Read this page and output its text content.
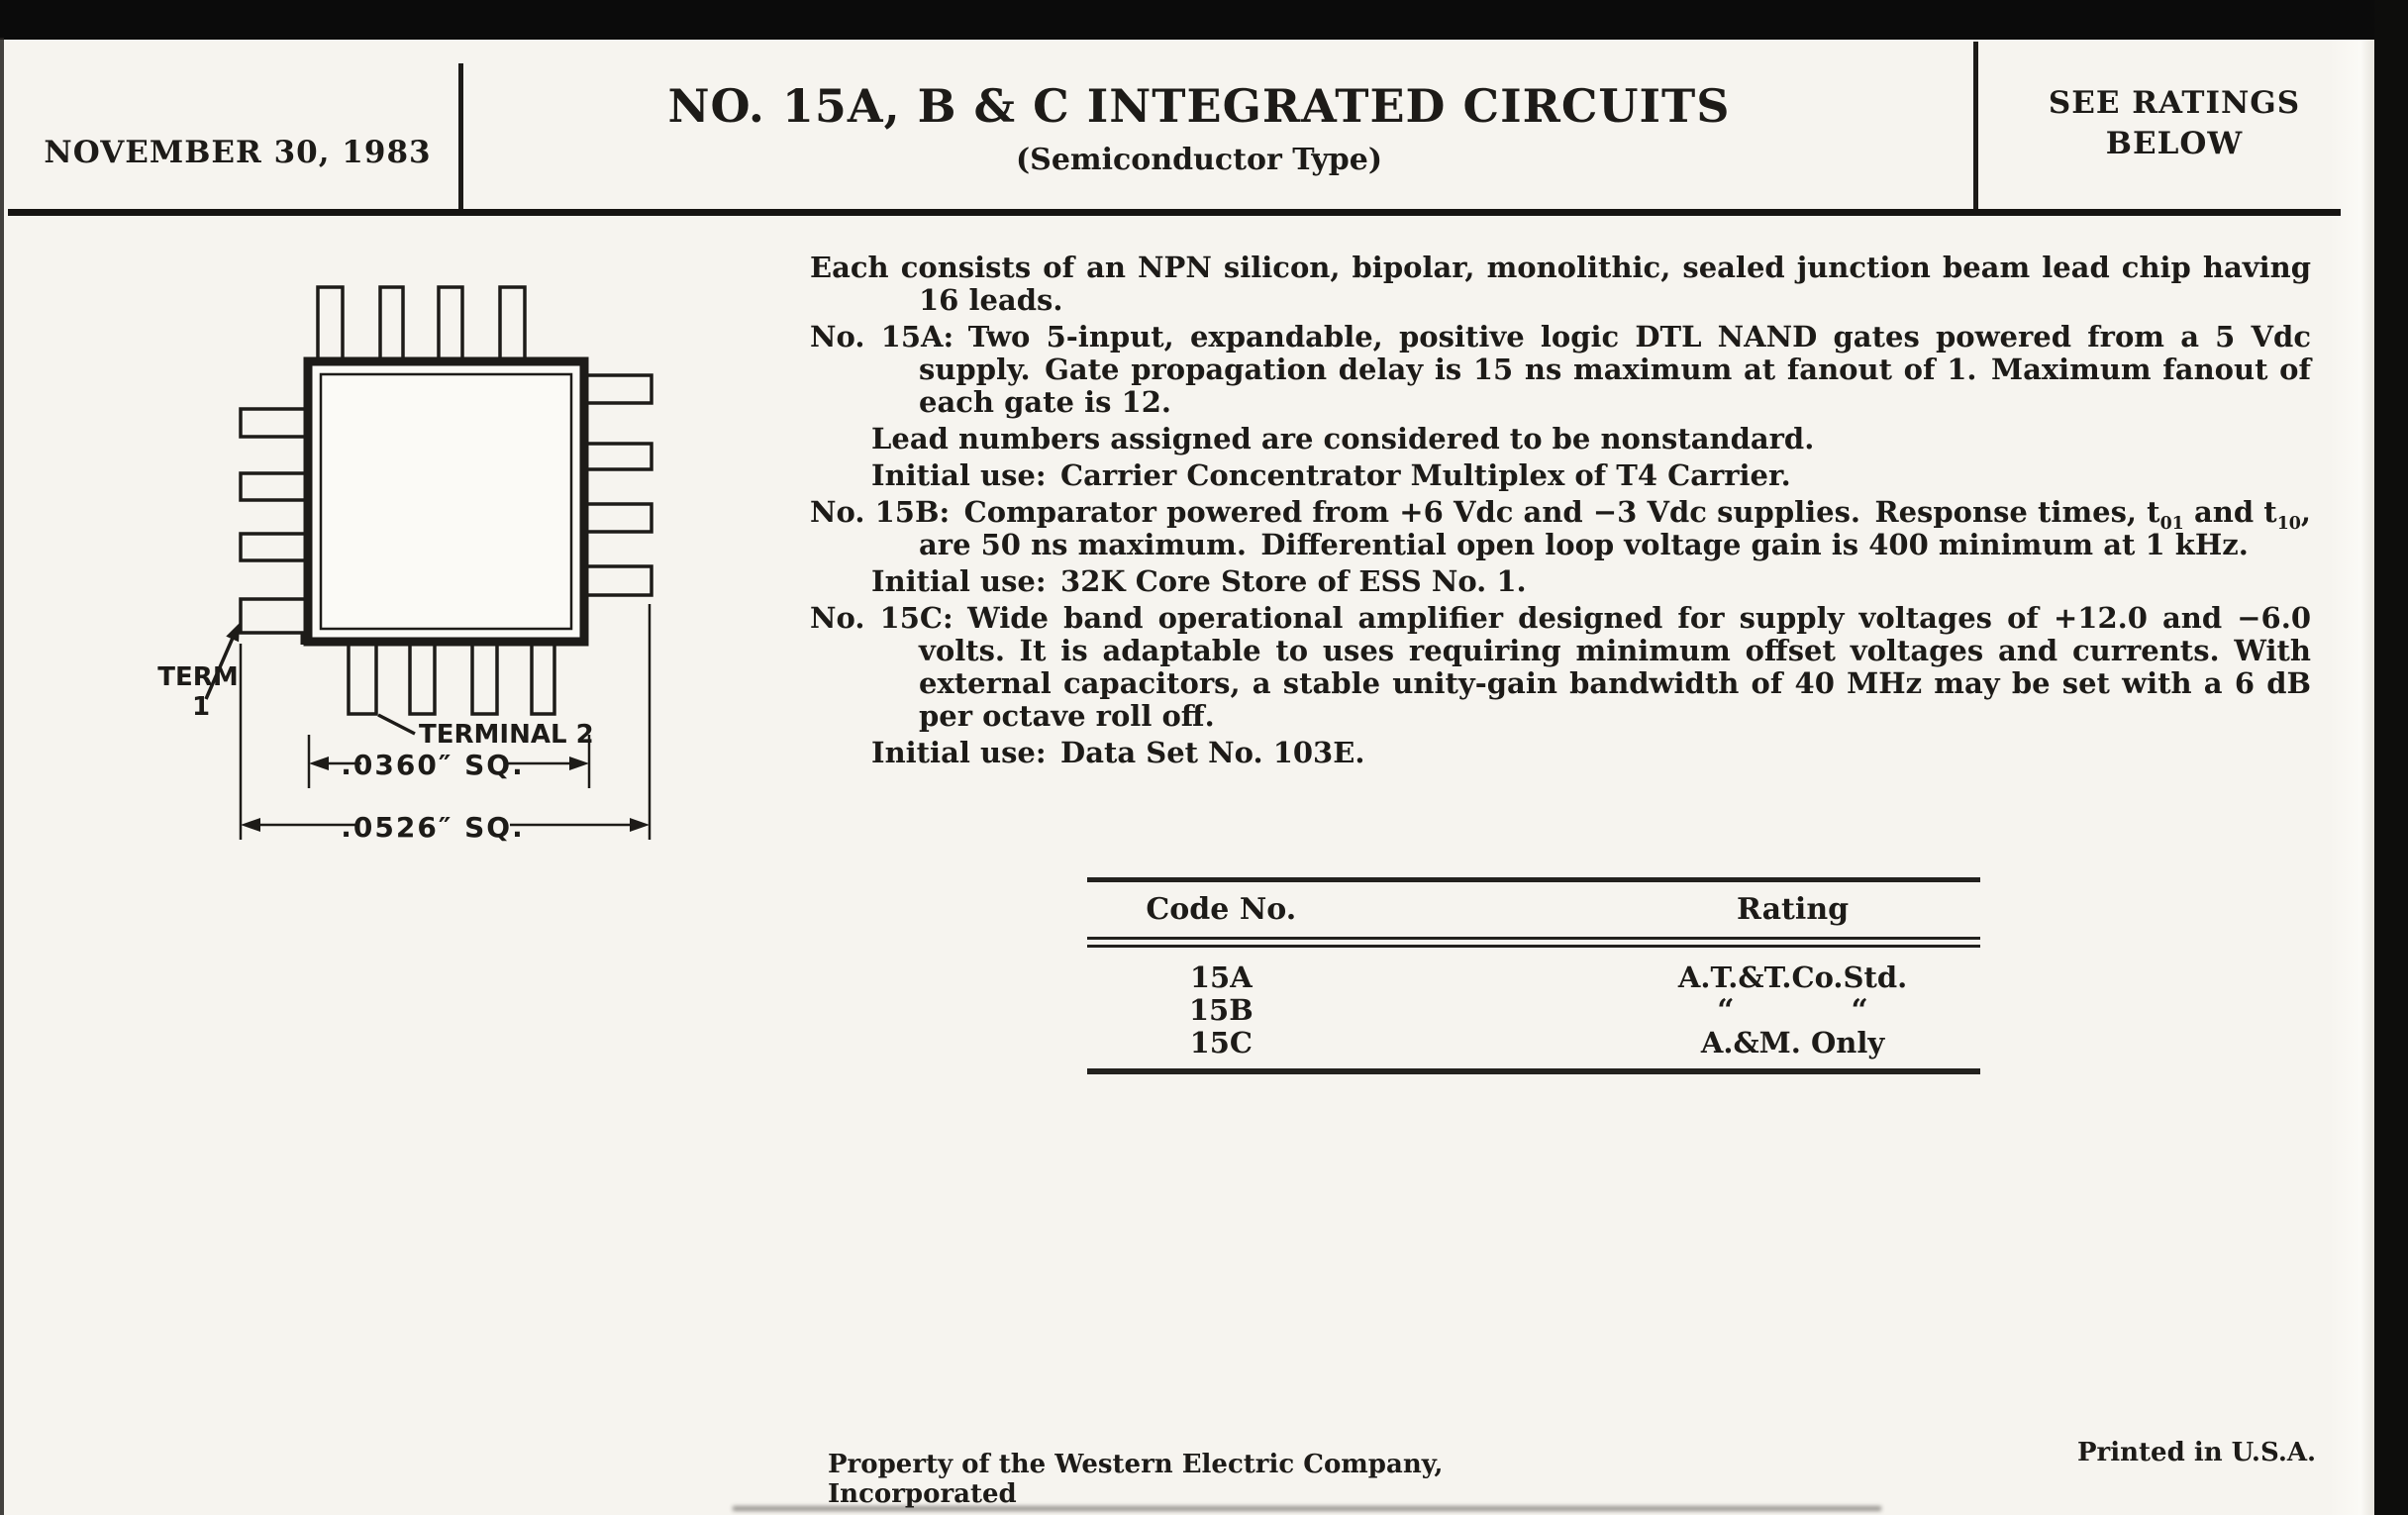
NOVEMBER 30, 1983
NO. 15A, B & C INTEGRATED CIRCUITS
(Semiconductor Type)
SEE RATINGS
BELOW
TERM
1
TERMINAL 2
.0360″ SQ.
.0526″ SQ.

Each consists of an NPN silicon, bipolar, monolithic, sealed junction beam lead chip having 16 leads.

No. 15A: Two 5-input, expandable, positive logic DTL NAND gates powered from a 5 Vdc supply. Gate propagation delay is 15 ns maximum at fanout of 1. Maximum fanout of each gate is 12.

Lead numbers assigned are considered to be nonstandard.

Initial use: Carrier Concentrator Multiplex of T4 Carrier.

No. 15B: Comparator powered from +6 Vdc and −3 Vdc supplies. Response times, $t_{01}$ and $t_{10}$, are 50 ns maximum. Differential open loop voltage gain is 400 minimum at 1 kHz.

Initial use: 32K Core Store of ESS No. 1.

No. 15C: Wide band operational amplifier designed for supply voltages of +12.0 and −6.0 volts. It is adaptable to uses requiring minimum offset voltages and currents. With external capacitors, a stable unity-gain bandwidth of 40 MHz may be set with a 6 dB per octave roll off.

Initial use: Data Set No. 103E.

Code No.	Rating
15A	A.T.&T.Co.Std.
15B	“	“
15C	A.&M. Only
Property of the Western Electric Company, Incorporated
Printed in U.S.A.
